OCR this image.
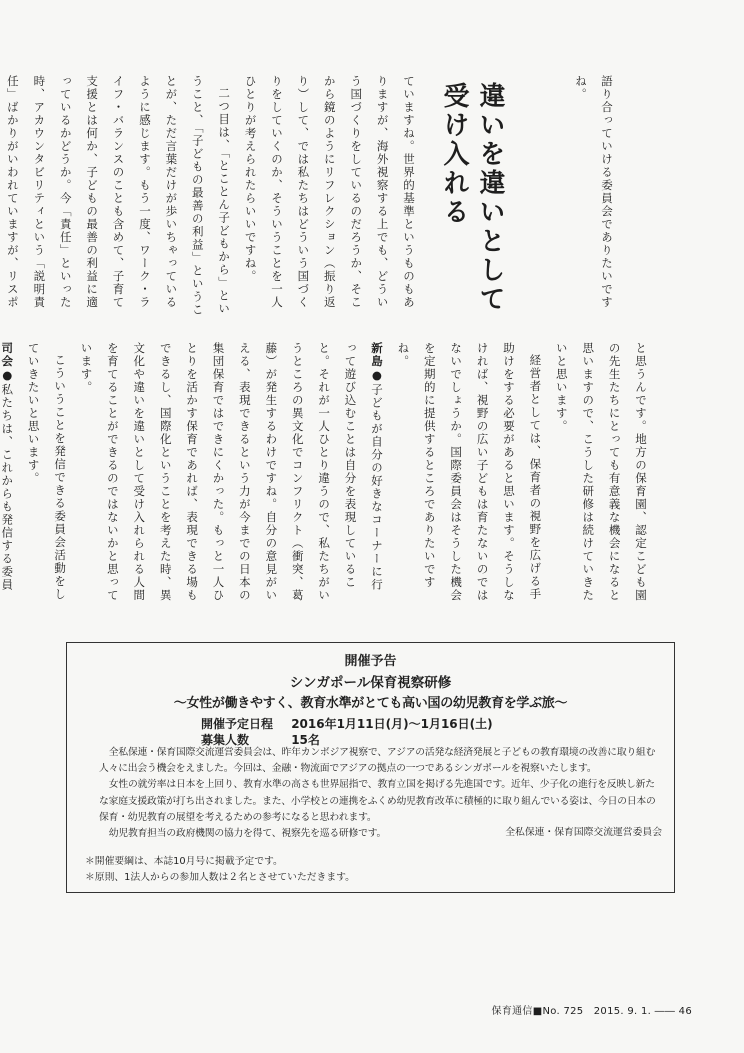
語り合っていける委員会でありたいですね。
違いを違いとして
受け入れる
ていますね。世界的基準というものもありますが、海外視察する上でも、どういう国づくりをしているのだろうか、そこから鏡のようにリフレクション（振り返り）して、では私たちはどういう国づくりをしていくのか、そういうことを一人ひとりが考えられたらいいですね。
二つ目は、「とことん子どもから」ということ、「子どもの最善の利益」ということが、ただ言葉だけが歩いちゃっているように感じます。もう一度、ワーク・ライフ・バランスのことも含めて、子育て支援とは何か、子どもの最善の利益に適っているかどうか。今「責任」といった時、アカウンタビリティという「説明責任」ばかりがいわれていますが、リスポ
と思うんです。地方の保育園、認定こども園の先生たちにとっても有意義な機会になると思いますので、こうした研修は続けていきたいと思います。
経営者としては、保育者の視野を広げる手助けをする必要があると思います。そうしなければ、視野の広い子どもは育たないのではないでしょうか。国際委員会はそうした機会を定期的に提供するところでありたいですね。
新島●子どもが自分の好きなコーナーに行って遊び込むことは自分を表現していること。それが一人ひとり違うので、私たちがいうところの異文化でコンフリクト（衝突、葛藤）が発生するわけですね。自分の意見がいえる、表現できるという力が今までの日本の集団保育ではできにくかった。もっと一人ひとりを活かす保育であれば、表現できる場もできるし、国際化ということを考えた時、異文化や違いを違いとして受け入れられる人間を育てることができるのではないかと思っています。
こういうことを発信できる委員会活動をしていきたいと思います。
司会●私たちは、これからも発信する委員
開催予告
シンガポール保育視察研修
〜女性が働きやすく、教育水準がとても高い国の幼児教育を学ぶ旅〜
開催予定日程 2016年1月11日(月)〜1月16日(土)
募集人数	15名

全私保連・保育国際交流運営委員会は、昨年カンボジア視察で、アジアの活発な経済発展と子どもの教育環境の改善に取り組む人々に出会う機会をえました。今回は、金融・物流面でアジアの拠点の一つであるシンガポールを視察いたします。

女性の就労率は日本を上回り、教育水準の高さも世界屈指で、教育立国を掲げる先進国です。近年、少子化の進行を反映し新たな家庭支援政策が打ち出されました。また、小学校との連携をふくめ幼児教育改革に積極的に取り組んでいる姿は、今日の日本の保育・幼児教育の展望を考えるための参考になると思われます。

幼児教育担当の政府機関の協力を得て、視察先を巡る研修です。	全私保連・保育国際交流運営委員会
＊開催要綱は、本誌10月号に掲載予定です。
＊原則、1法人からの参加人数は２名とさせていただきます。
保育通信■No. 725　2015. 9. 1. ―― 46
